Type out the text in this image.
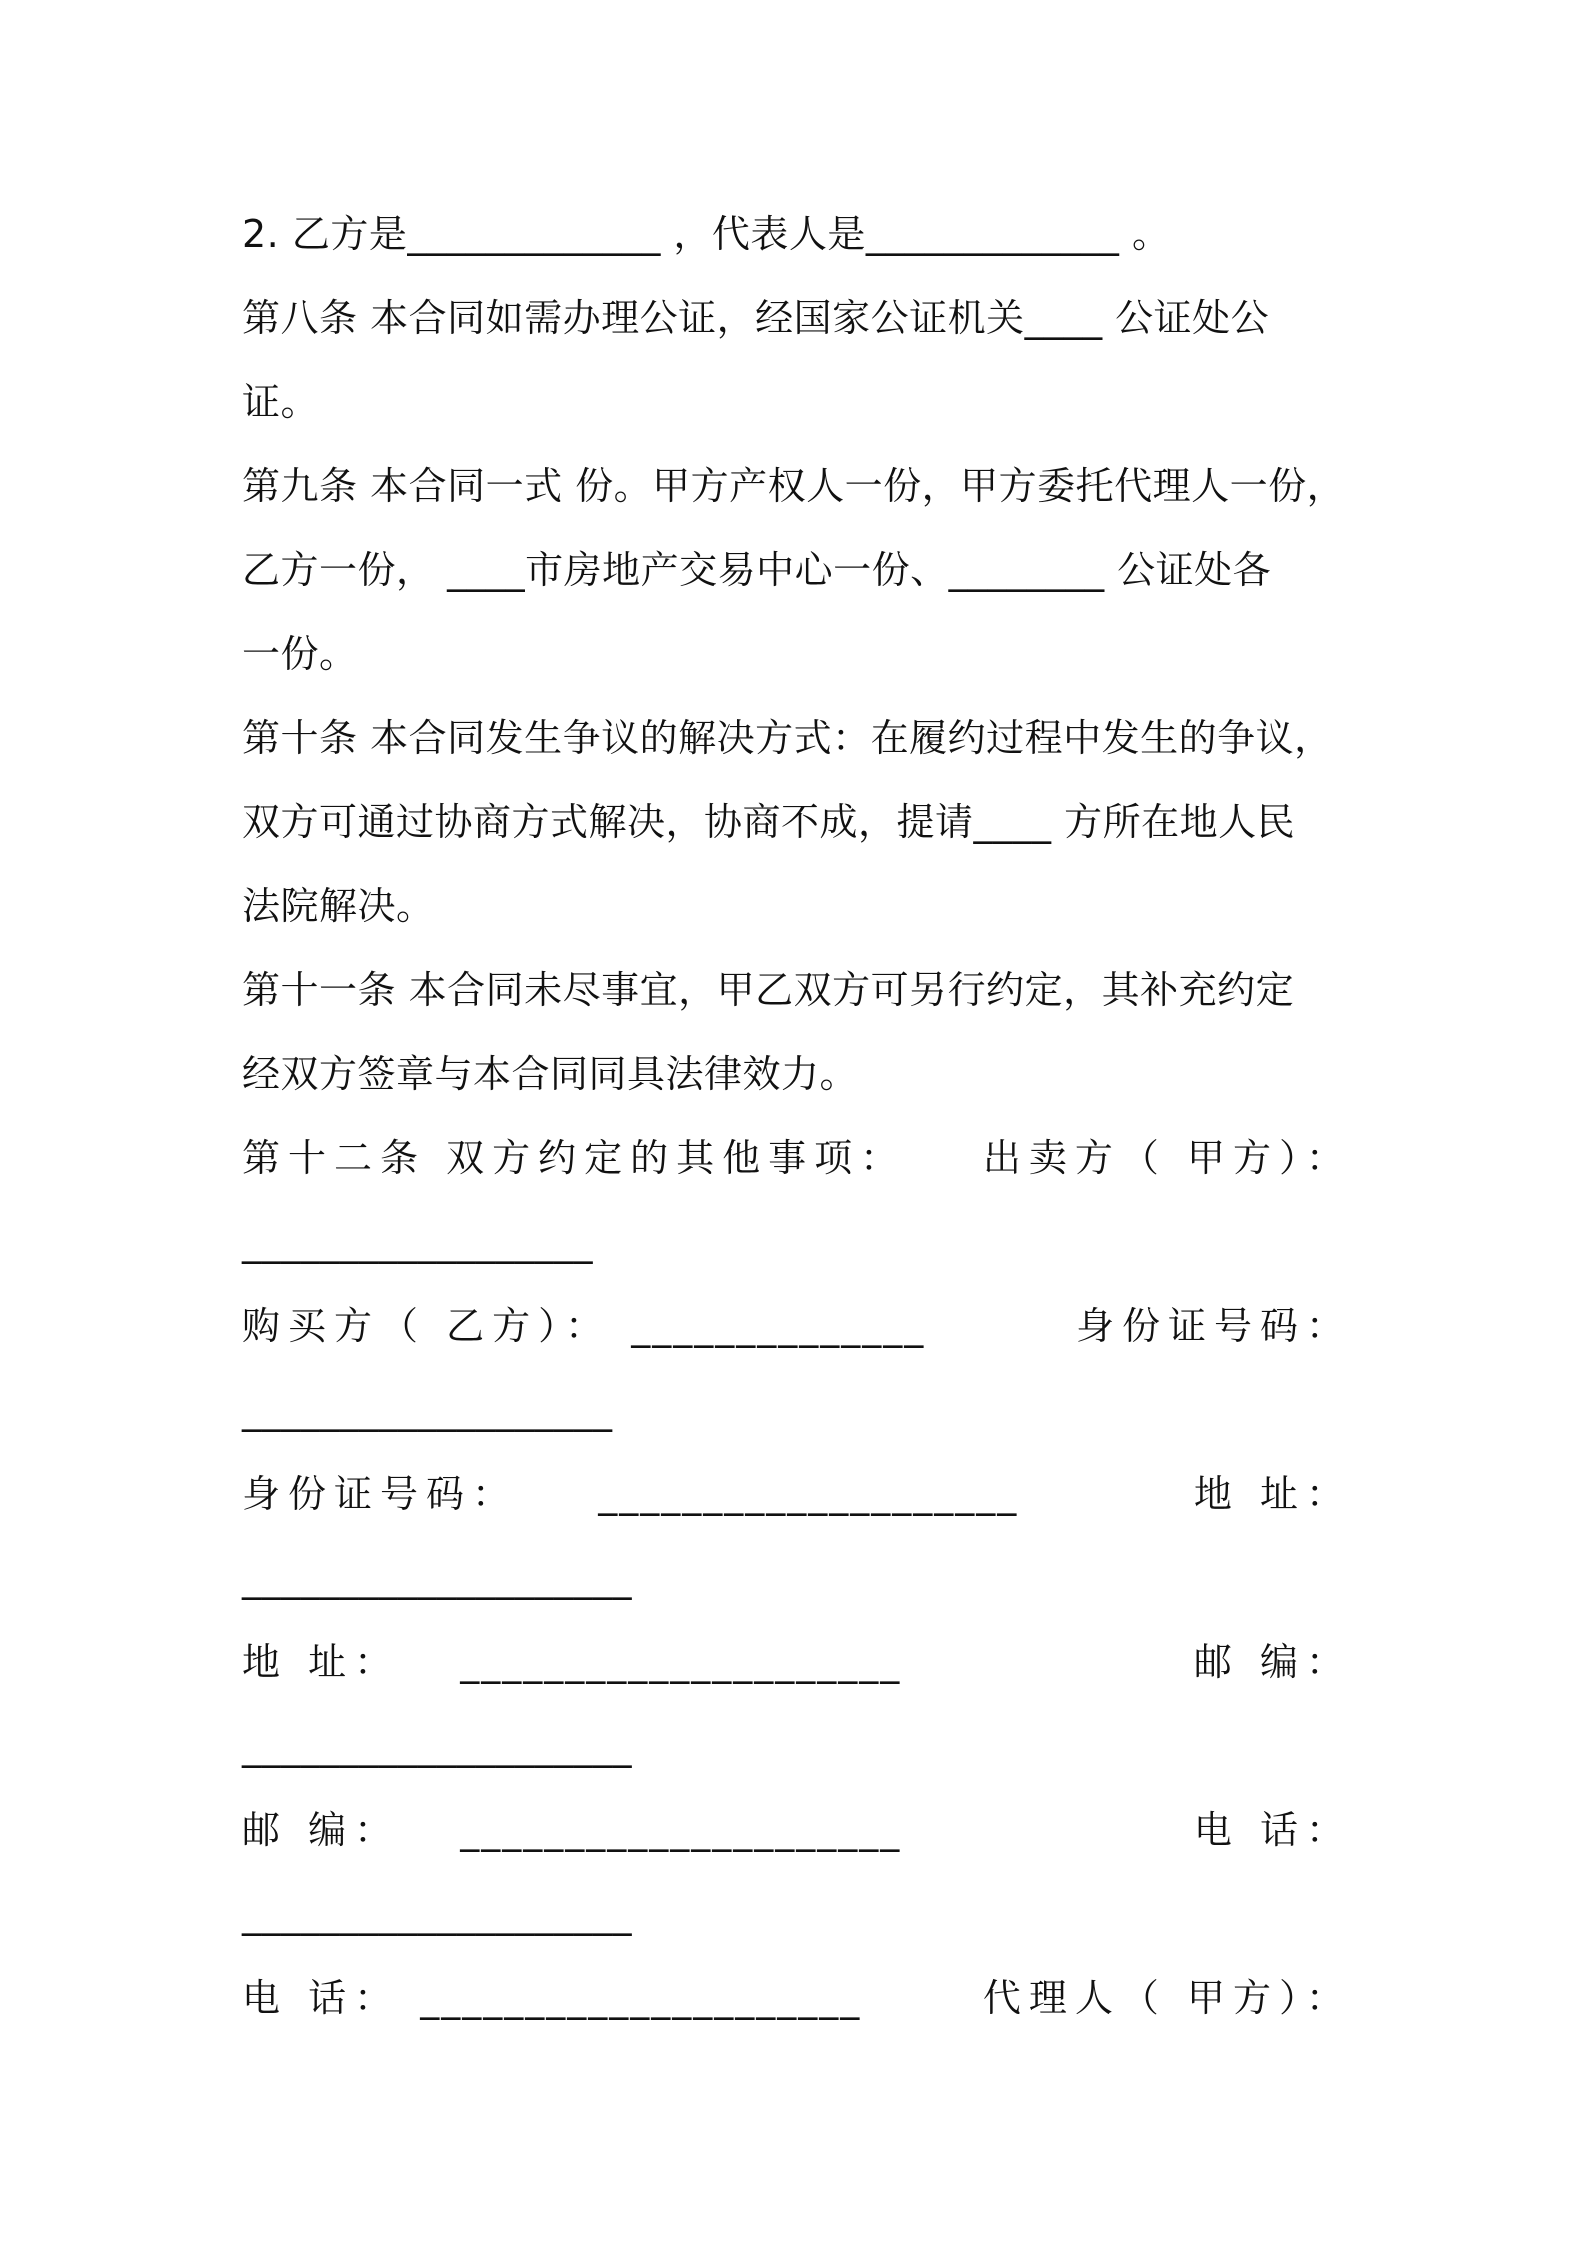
2. 乙方是_____________ ，代表人是_____________ 。
第八条 本合同如需办理公证，经国家公证机关____ 公证处公
证。
第九条 本合同一式 份。甲方产权人一份，甲方委托代理人一份，
乙方一份， ____市房地产交易中心一份、________ 公证处各
一份。
第十条 本合同发生争议的解决方式：在履约过程中发生的争议，
双方可通过协商方式解决，协商不成，提请____ 方所在地人民
法院解决。
第十一条 本合同未尽事宜，甲乙双方可另行约定，其补充约定
经双方签章与本合同同具法律效力。
第十二条 双方约定的其他事项： 出卖方（ 甲方）：
__________________
购买方（ 乙方）： ______________	身份证号码：
___________________
身份证号码： ____________________	地 址：
____________________
地 址： _____________________	邮 编：
____________________
邮 编： _____________________	电 话：
____________________
电 话： _____________________	代理人（ 甲方）：
